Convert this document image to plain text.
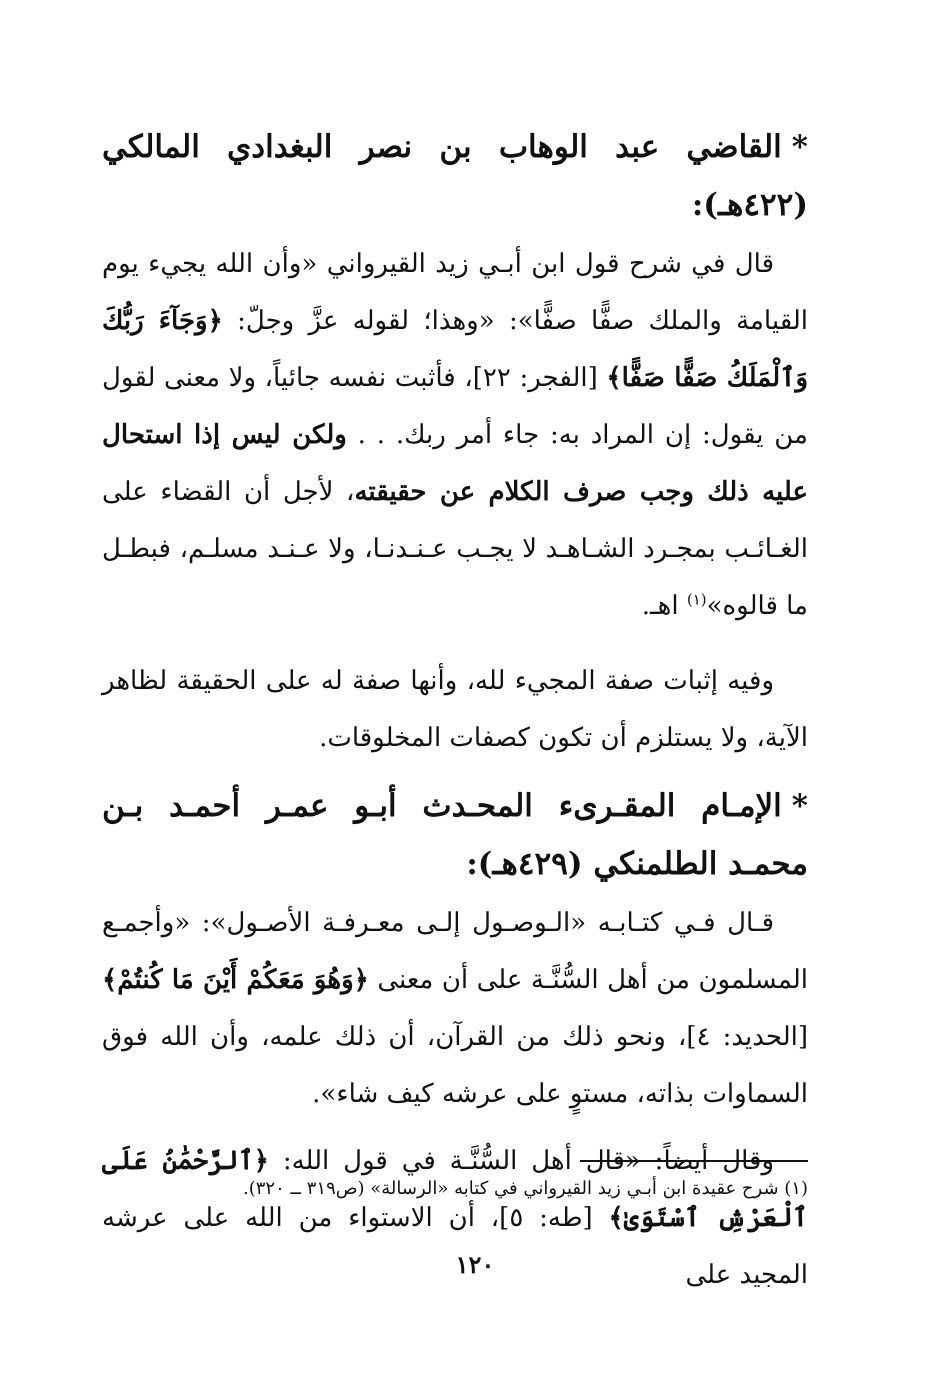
*القاضي عبد الوهاب بن نصر البغدادي المالكي (٤٢٢هـ):

قال في شرح قول ابن أبـي زيد القيرواني «وأن الله يجيء يوم القيامة والملك صفًّا صفًّا»: «وهذا؛ لقوله عزَّ وجلّ: ﴿وَجَآءَ رَبُّكَ وَٱلْمَلَكُ صَفًّا صَفًّا﴾ [الفجر: ٢٢]، فأثبت نفسه جائياً، ولا معنى لقول من يقول: إن المراد به: جاء أمر ربك. . . ولكن ليس إذا استحال عليه ذلك وجب صرف الكلام عن حقيقته، لأجل أن القضاء على الغـائـب بمجـرد الشـاهـد لا يجـب عـنـدنـا، ولا عـنـد مسلـم، فبطـل ما قالوه»$^{(١)}$ اهـ.

وفيه إثبات صفة المجيء لله، وأنها صفة له على الحقيقة لظاهر الآية، ولا يستلزم أن تكون كصفات المخلوقات.

*الإمـام المقـرىء المحـدث أبـو عمـر أحمـد بـن محمـد الطلمنكي (٤٢٩هـ):

قـال فـي كتـابـه «الـوصـول إلـى معـرفـة الأصـول»: «وأجمـع المسلمون من أهل السُّنَّـة على أن معنى ﴿وَهُوَ مَعَكُمْ أَيْنَ مَا كُنتُمْ﴾ [الحديد: ٤]، ونحو ذلك من القرآن، أن ذلك علمه، وأن الله فوق السماوات بذاته، مستوٍ على عرشه كيف شاء».

وقال أيضاً: «قال أهل السُّنَّـة في قول الله: ﴿ٱلرَّحْمَٰنُ عَلَى ٱلْعَرْشِ ٱسْتَوَىٰ﴾ [طه: ٥]، أن الاستواء من الله على عرشه المجيد على

(١) شرح عقيدة ابن أبـي زيد القيرواني في كتابه «الرسالة» (ص٣١٩ ــ ٣٢٠).
١٢٠
